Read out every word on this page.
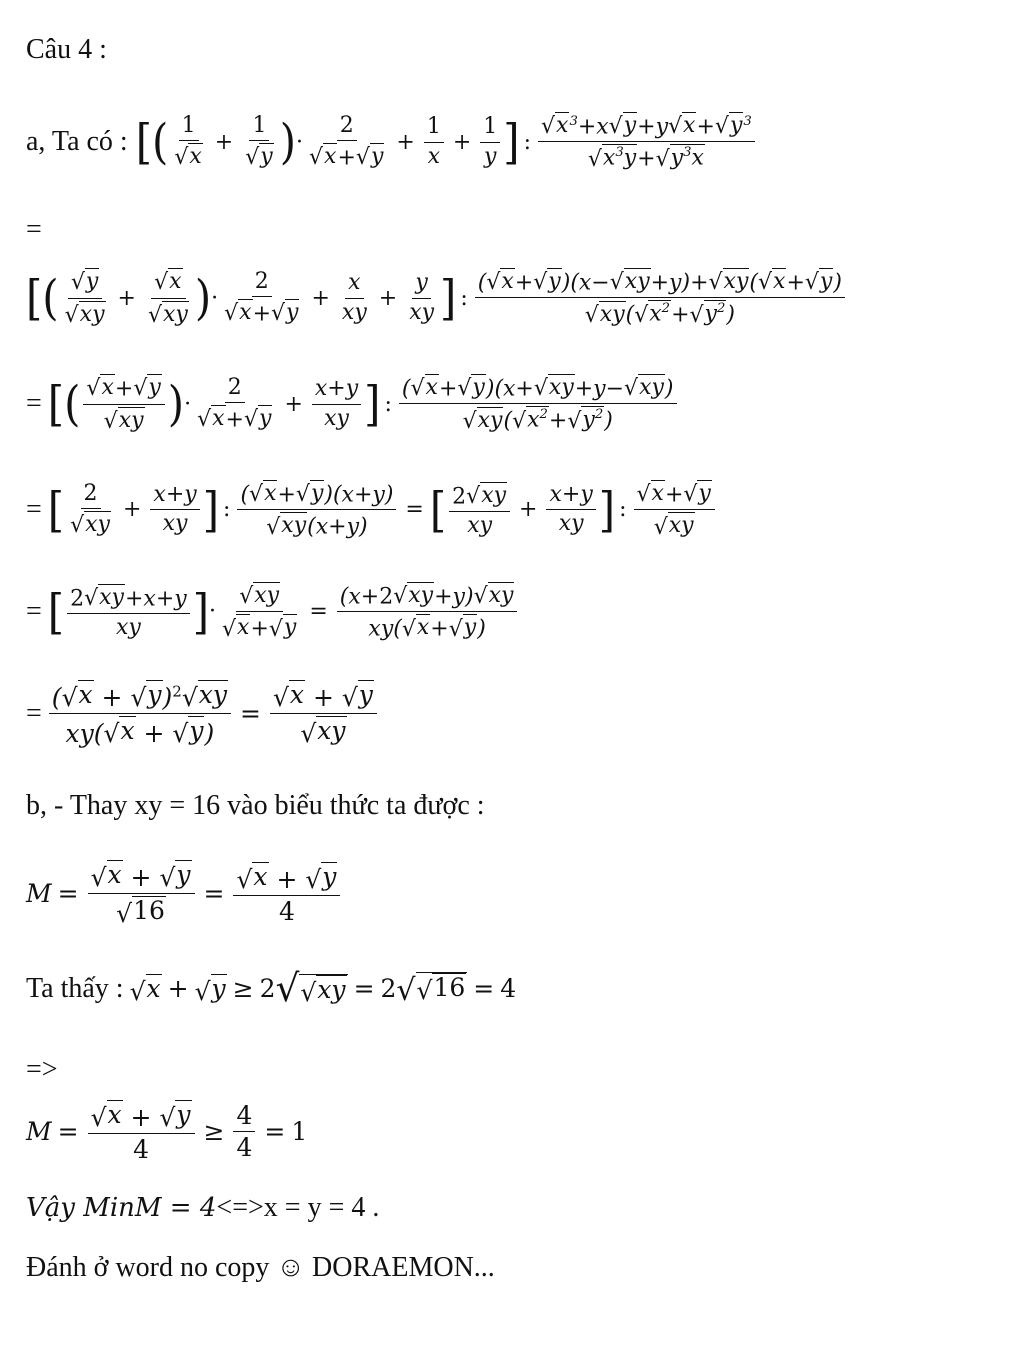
Câu 4 :
a, Ta có : [( $\frac{1}{√ x} + \frac{1}{√ y}$ ) · $\frac{2}{√ x + √ y} + \frac{1}{x} + \frac{1}{y}$ ] : $\frac{√ x ^3+x √ y +y √ x + √ y ^3}{√ x^3y + √ y^3x}$
=
[( $\frac{√ y}{√ xy} + \frac{√ x}{√ xy}$ ) · $\frac{2}{√ x + √ y} + \frac{x}{xy} + \frac{y}{xy}$ ] : $\frac{( √ x + √ y )(x- √ xy +y)+ √ xy ( √ x + √ y )}{√ xy ( √ x^2 + √ y^2 )}$
= [( $\frac{√ x + √ y}{√ xy}$ ) · $\frac{2}{√ x + √ y} + \frac{x+y}{xy}$ ] : $\frac{( √ x + √ y )(x+ √ xy +y- √ xy )}{√ xy ( √ x^2 + √ y^2 )}$
= [ $\frac{2}{√ xy} + \frac{x+y}{xy}$ ] : $\frac{( √ x + √ y )(x+y)}{√ xy (x+y)}$ = [ $\frac{2 √ xy}{xy} + \frac{x+y}{xy}$ ] : $\frac{√ x + √ y}{√ xy}$
= [ $\frac{2 √ xy +x+y}{xy}$ ] · $\frac{√ xy}{√ x + √ y} = \frac{(x+2 √ xy +y) √ xy}{xy( √ x + √ y )}$
= $\frac{( √ x + √ y )^2 √ xy}{xy( √ x + √ y )} = \frac{√ x + √ y}{√ xy}$
b, - Thay xy = 16 vào biểu thức ta được :
$M = \frac{√ x + √ y}{√ 16} = \frac{√ x + √ y}{4}$
Ta thấy : √ x + √ y ≥ 2 √ √ xy = 2 √ √ 16 = 4
=>
$M = \frac{√ x + √ y}{4} \ge \frac{4}{4} = 1$
Vậy MinM = 4 <=>x = y = 4 .
Đánh ở word no copy ☺ DORAEMON...
